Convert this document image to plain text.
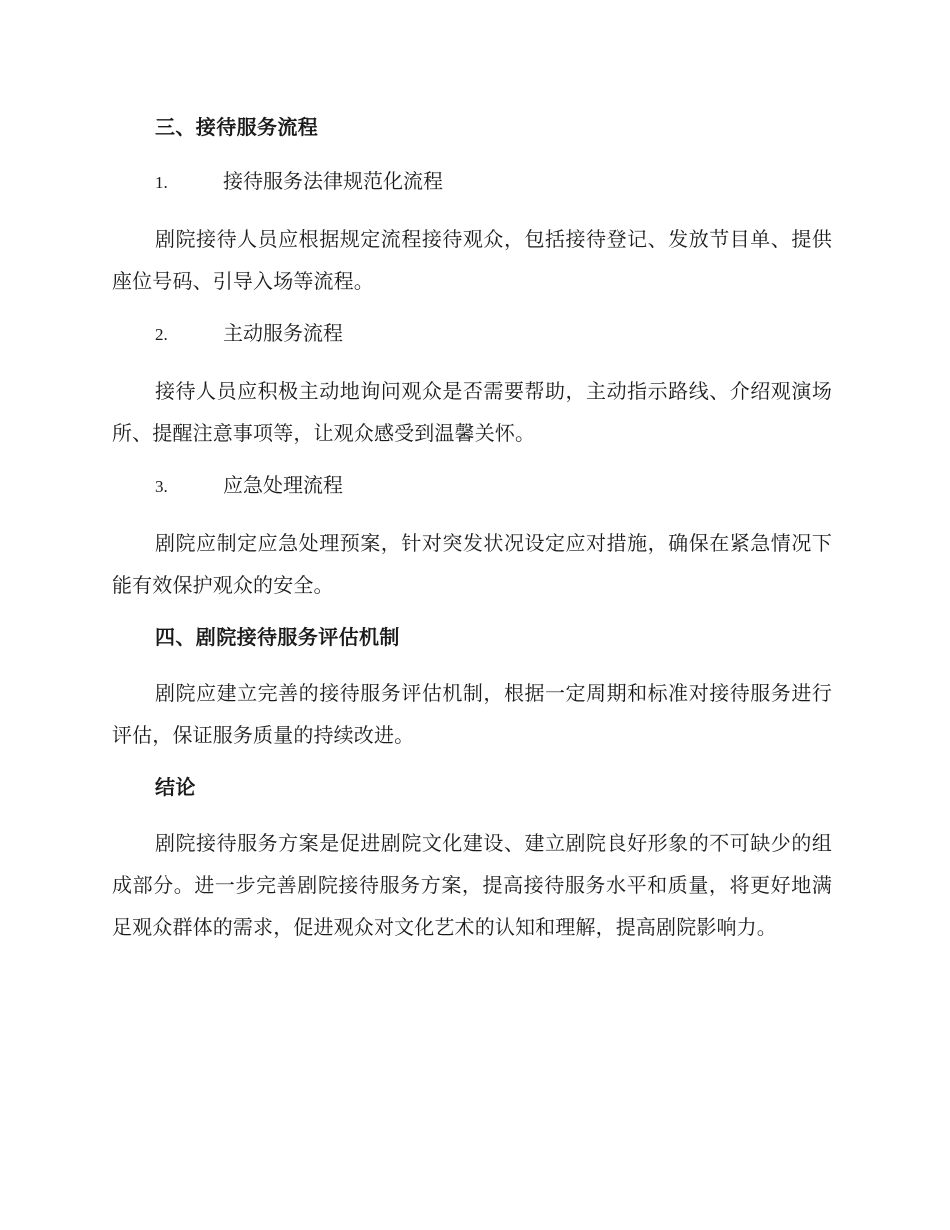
三、接待服务流程
1.	接待服务法律规范化流程
剧院接待人员应根据规定流程接待观众，包括接待登记、发放节目单、提供座位号码、引导入场等流程。
2.	主动服务流程
接待人员应积极主动地询问观众是否需要帮助，主动指示路线、介绍观演场所、提醒注意事项等，让观众感受到温馨关怀。
3.	应急处理流程
剧院应制定应急处理预案，针对突发状况设定应对措施，确保在紧急情况下能有效保护观众的安全。
四、剧院接待服务评估机制
剧院应建立完善的接待服务评估机制，根据一定周期和标准对接待服务进行评估，保证服务质量的持续改进。
结论
剧院接待服务方案是促进剧院文化建设、建立剧院良好形象的不可缺少的组成部分。进一步完善剧院接待服务方案，提高接待服务水平和质量，将更好地满足观众群体的需求，促进观众对文化艺术的认知和理解，提高剧院影响力。
